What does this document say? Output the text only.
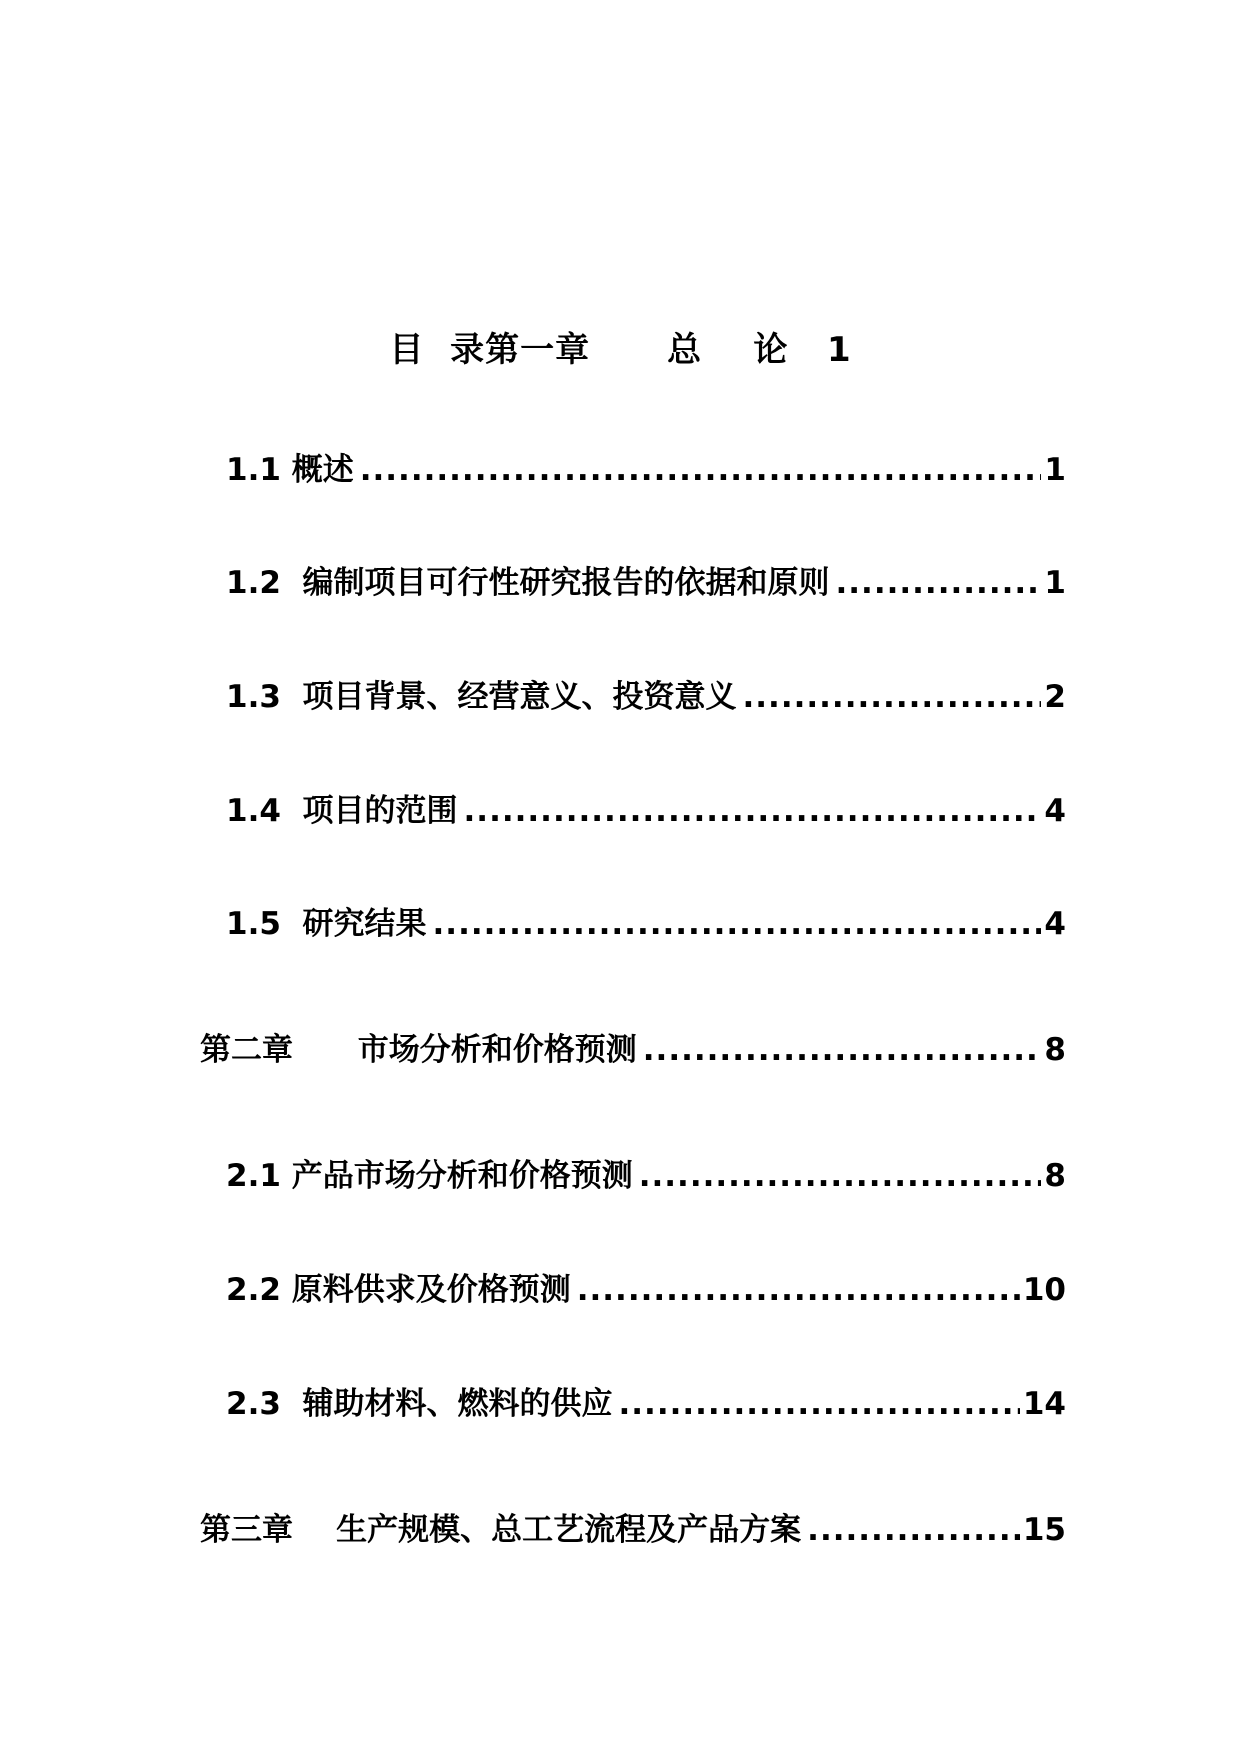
目  录第一章      总    论   1
1.1 概述 .....	1
1.2  编制项目可行性研究报告的依据和原则 .....	1
1.3  项目背景、经营意义、投资意义 .....	2
1.4  项目的范围 .....	4
1.5  研究结果 .....	4
第二章      市场分析和价格预测 .....	8
2.1 产品市场分析和价格预测 .....	8
2.2 原料供求及价格预测 .....	10
2.3  辅助材料、燃料的供应 .....	14
第三章    生产规模、总工艺流程及产品方案 .....	15
